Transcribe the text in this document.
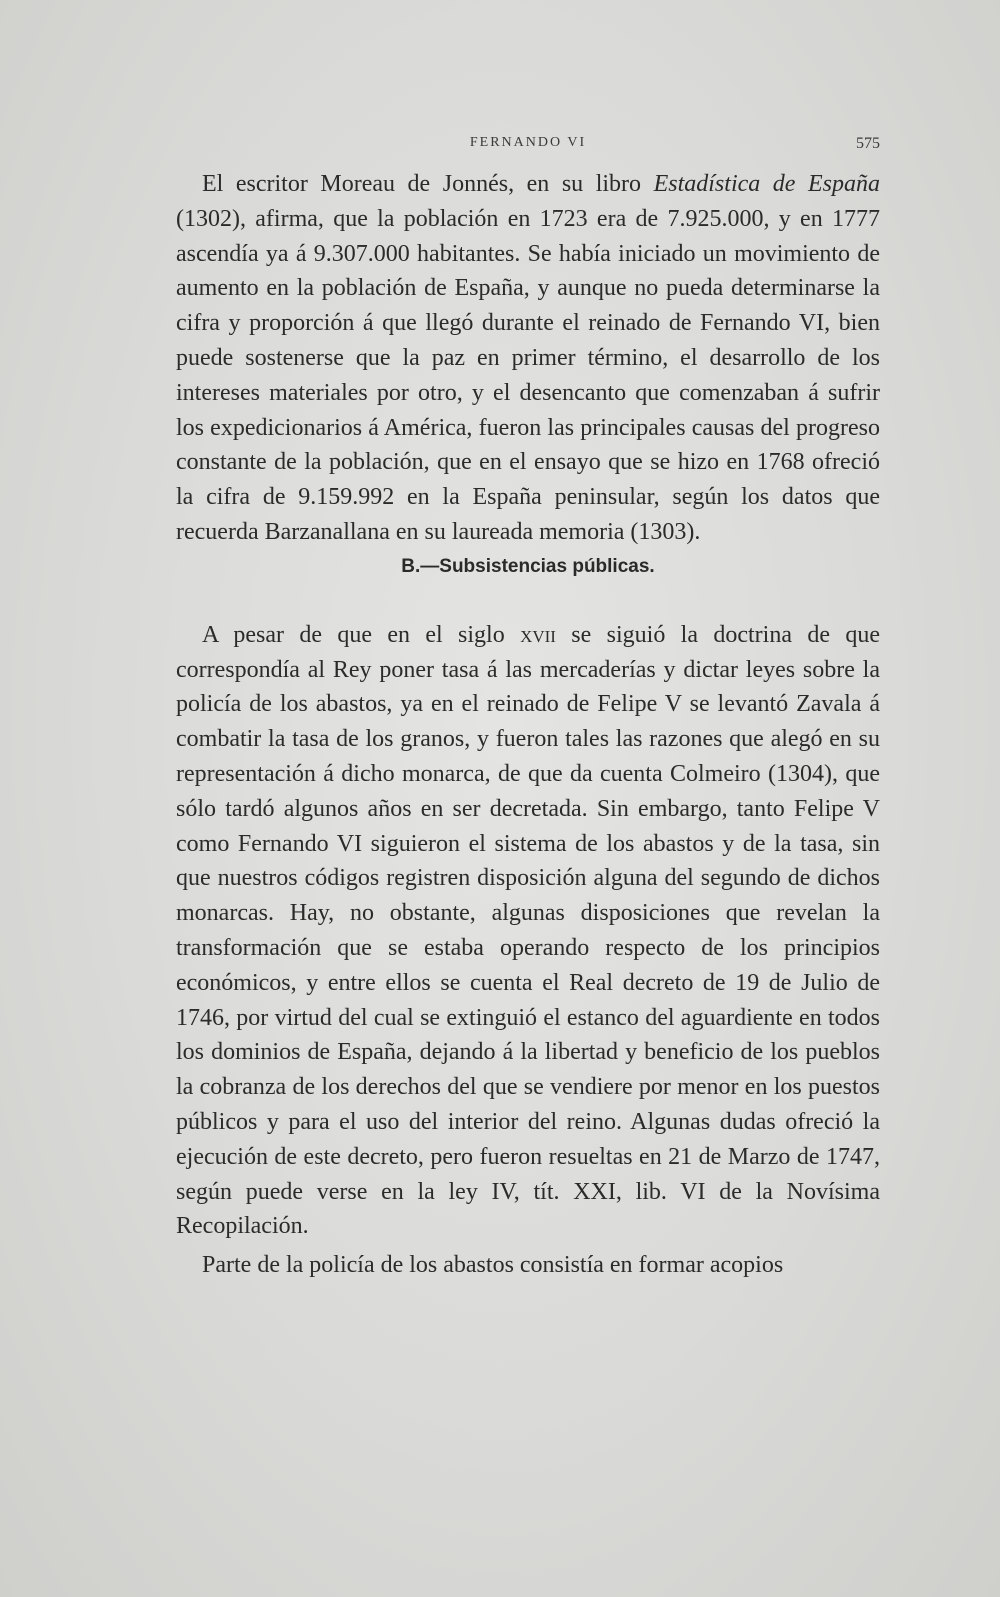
FERNANDO VI	575

El escritor Moreau de Jonnés, en su libro Estadística de España (1302), afirma, que la población en 1723 era de 7.925.000, y en 1777 ascendía ya á 9.307.000 habitantes. Se había iniciado un movimiento de aumento en la población de España, y aunque no pueda determinarse la cifra y proporción á que llegó durante el reinado de Fernando VI, bien puede sostenerse que la paz en primer término, el desarrollo de los intereses materiales por otro, y el desencanto que comenzaban á sufrir los expedicionarios á América, fueron las principales causas del progreso constante de la población, que en el ensayo que se hizo en 1768 ofreció la cifra de 9.159.992 en la España peninsular, según los datos que recuerda Barzanallana en su laureada memoria (1303).

B.—Subsistencias públicas.

A pesar de que en el siglo xvii se siguió la doctrina de que correspondía al Rey poner tasa á las mercaderías y dictar leyes sobre la policía de los abastos, ya en el reinado de Felipe V se levantó Zavala á combatir la tasa de los granos, y fueron tales las razones que alegó en su representación á dicho monarca, de que da cuenta Colmeiro (1304), que sólo tardó algunos años en ser decretada. Sin embargo, tanto Felipe V como Fernando VI siguieron el sistema de los abastos y de la tasa, sin que nuestros códigos registren disposición alguna del segundo de dichos monarcas. Hay, no obstante, algunas disposiciones que revelan la transformación que se estaba operando respecto de los principios económicos, y entre ellos se cuenta el Real decreto de 19 de Julio de 1746, por virtud del cual se extinguió el estanco del aguardiente en todos los dominios de España, dejando á la libertad y beneficio de los pueblos la cobranza de los derechos del que se vendiere por menor en los puestos públicos y para el uso del interior del reino. Algunas dudas ofreció la ejecución de este decreto, pero fueron resueltas en 21 de Marzo de 1747, según puede verse en la ley IV, tít. XXI, lib. VI de la Novísima Recopilación.

Parte de la policía de los abastos consistía en formar acopios
